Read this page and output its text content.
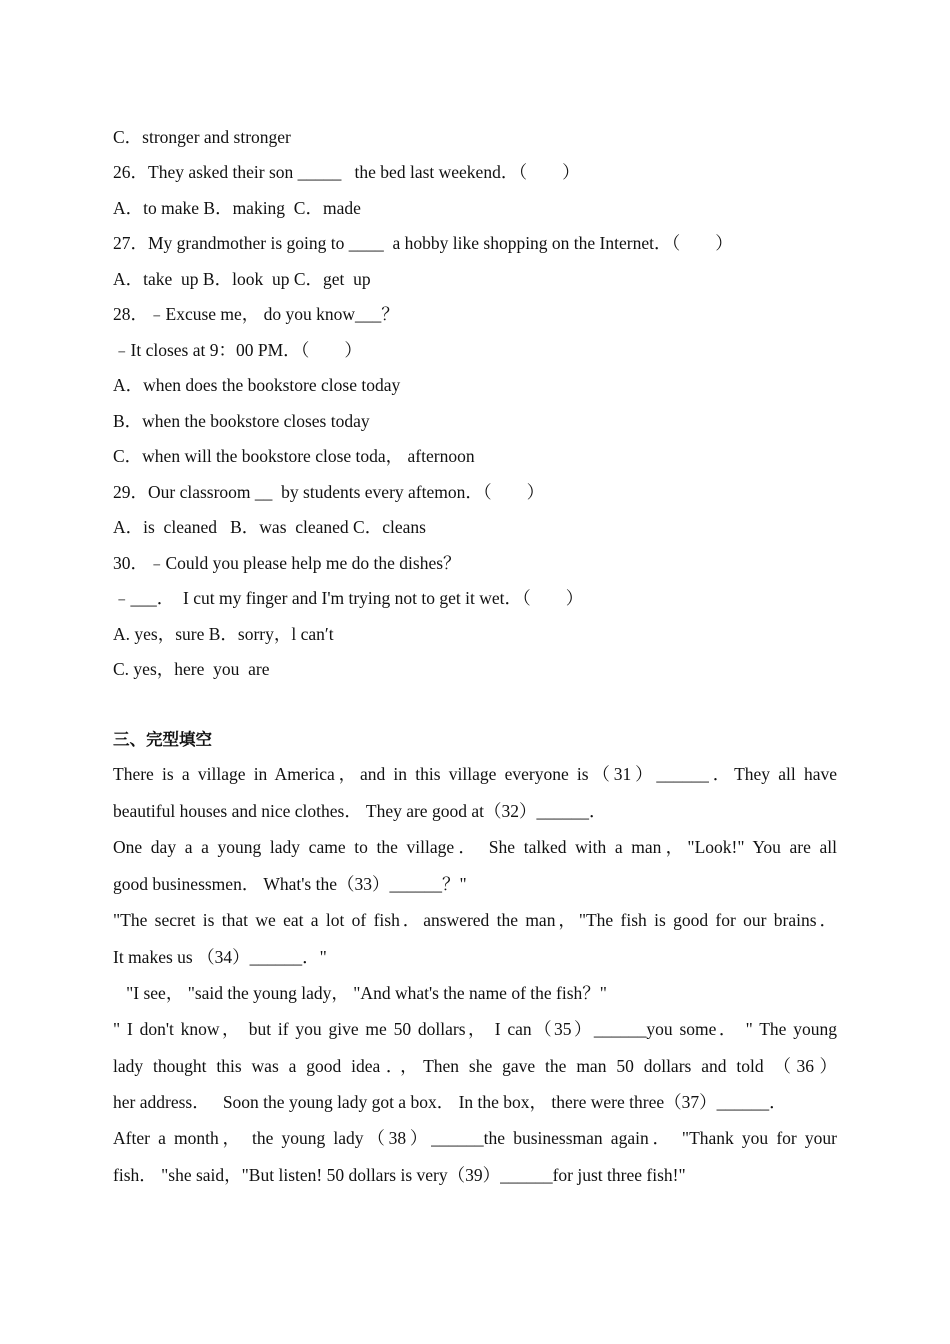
C．stronger and stronger
26．They asked their son _____   the bed last weekend．（　　）
A．to make B．making  C．made
27．My grandmother is going to ____  a hobby like shopping on the Internet．（　　）
A．take  up B．look  up C．get  up
28．﹣Excuse me， do you know___？
﹣It closes at 9：00 PM．（　　）
A．when does the bookstore close today
B．when the bookstore closes today
C．when will the bookstore close toda， afternoon
29．Our classroom __  by students every aftemon．（　　）
A．is  cleaned   B．was  cleaned C．cleans
30．﹣Could you please help me do the dishes？
﹣___．  I cut my finger and I'm trying not to get it wet．（　　）
A. yes，sure B．sorry，l can′t
C. yes，here  you  are
三、完型填空
There is a village in America，and in this village everyone is（31）______．They all have
beautiful houses and nice clothes． They are good at（32）______．
One day a a young lady came to the village． She talked with a man，"Look!" You are all
good businessmen． What's the（33）______？"
"The secret is that we eat a lot of fish．answered the man，"The fish is good for our brains．
It makes us （34）______．"
"I see， "said the young lady， "And what's the name of the fish？"
" I don't know， but if you give me 50 dollars， I can（35）______you some． " The young
lady thought this was a good idea．，Then she gave the man 50 dollars and told （36）
her address．   Soon the young lady got a box． In the box， there were three（37）______．
After a month， the young lady（38）______the businessman again． "Thank you for your
fish． "she said，"But listen! 50 dollars is very（39）______for just three fish!"
